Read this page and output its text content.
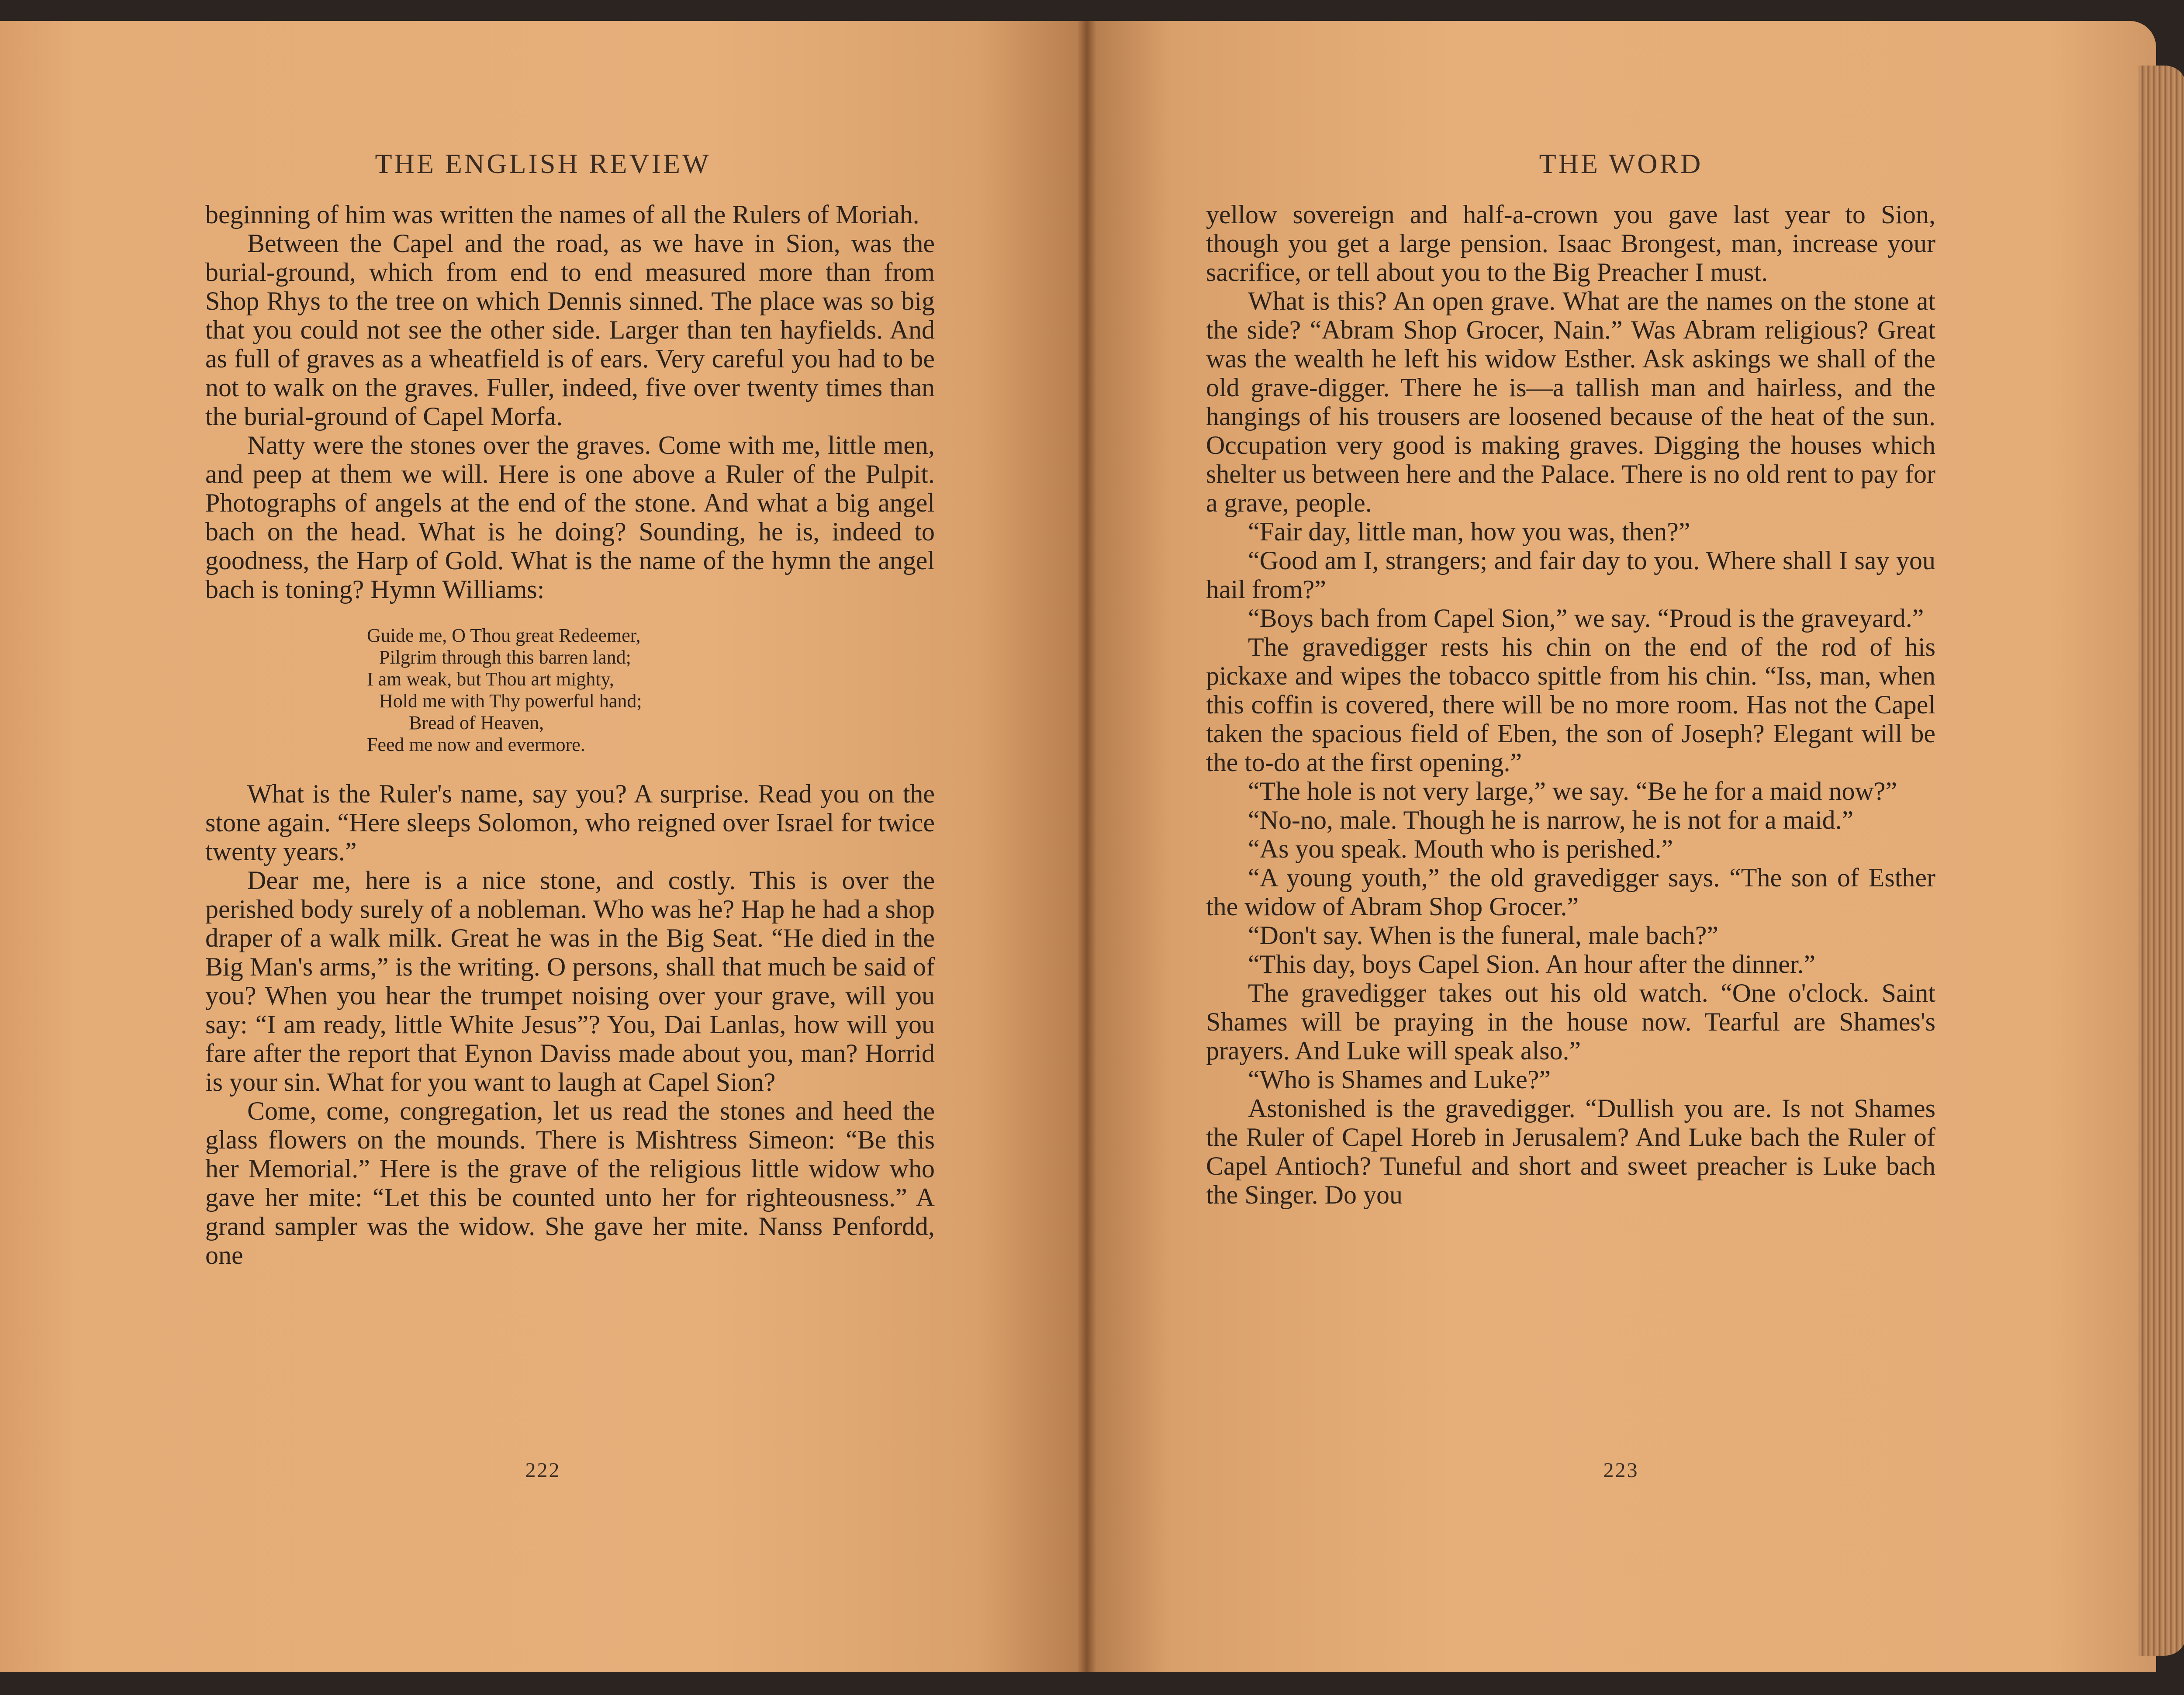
THE ENGLISH REVIEW

beginning of him was written the names of all the Rulers of Moriah.

Between the Capel and the road, as we have in Sion, was the burial-ground, which from end to end measured more than from Shop Rhys to the tree on which Dennis sinned. The place was so big that you could not see the other side. Larger than ten hayfields. And as full of graves as a wheatfield is of ears. Very careful you had to be not to walk on the graves. Fuller, indeed, five over twenty times than the burial-ground of Capel Morfa.

Natty were the stones over the graves. Come with me, little men, and peep at them we will. Here is one above a Ruler of the Pulpit. Photographs of angels at the end of the stone. And what a big angel bach on the head. What is he doing? Sounding, he is, indeed to goodness, the Harp of Gold. What is the name of the hymn the angel bach is toning? Hymn Williams:

Guide me, O Thou great Redeemer,
Pilgrim through this barren land;
I am weak, but Thou art mighty,
Hold me with Thy powerful hand;
Bread of Heaven,
Feed me now and evermore.

What is the Ruler's name, say you? A surprise. Read you on the stone again. “Here sleeps Solomon, who reigned over Israel for twice twenty years.”

Dear me, here is a nice stone, and costly. This is over the perished body surely of a nobleman. Who was he? Hap he had a shop draper of a walk milk. Great he was in the Big Seat. “He died in the Big Man's arms,” is the writing. O persons, shall that much be said of you? When you hear the trumpet noising over your grave, will you say: “I am ready, little White Jesus”? You, Dai Lanlas, how will you fare after the report that Eynon Daviss made about you, man? Horrid is your sin. What for you want to laugh at Capel Sion?

Come, come, congregation, let us read the stones and heed the glass flowers on the mounds. There is Mishtress Simeon: “Be this her Memorial.” Here is the grave of the religious little widow who gave her mite: “Let this be counted unto her for righteousness.” A grand sampler was the widow. She gave her mite. Nanss Penfordd, one

222
THE WORD

yellow sovereign and half-a-crown you gave last year to Sion, though you get a large pension. Isaac Brongest, man, increase your sacrifice, or tell about you to the Big Preacher I must.

What is this? An open grave. What are the names on the stone at the side? “Abram Shop Grocer, Nain.” Was Abram religious? Great was the wealth he left his widow Esther. Ask askings we shall of the old grave-digger. There he is—a tallish man and hairless, and the hangings of his trousers are loosened because of the heat of the sun. Occupation very good is making graves. Digging the houses which shelter us between here and the Palace. There is no old rent to pay for a grave, people.

“Fair day, little man, how you was, then?”

“Good am I, strangers; and fair day to you. Where shall I say you hail from?”

“Boys bach from Capel Sion,” we say. “Proud is the graveyard.”

The gravedigger rests his chin on the end of the rod of his pickaxe and wipes the tobacco spittle from his chin. “Iss, man, when this coffin is covered, there will be no more room. Has not the Capel taken the spacious field of Eben, the son of Joseph? Elegant will be the to-do at the first opening.”

“The hole is not very large,” we say. “Be he for a maid now?”

“No-no, male. Though he is narrow, he is not for a maid.”

“As you speak. Mouth who is perished.”

“A young youth,” the old gravedigger says. “The son of Esther the widow of Abram Shop Grocer.”

“Don't say. When is the funeral, male bach?”

“This day, boys Capel Sion. An hour after the dinner.”

The gravedigger takes out his old watch. “One o'clock. Saint Shames will be praying in the house now. Tearful are Shames's prayers. And Luke will speak also.”

“Who is Shames and Luke?”

Astonished is the gravedigger. “Dullish you are. Is not Shames the Ruler of Capel Horeb in Jerusalem? And Luke bach the Ruler of Capel Antioch? Tuneful and short and sweet preacher is Luke bach the Singer. Do you

223
